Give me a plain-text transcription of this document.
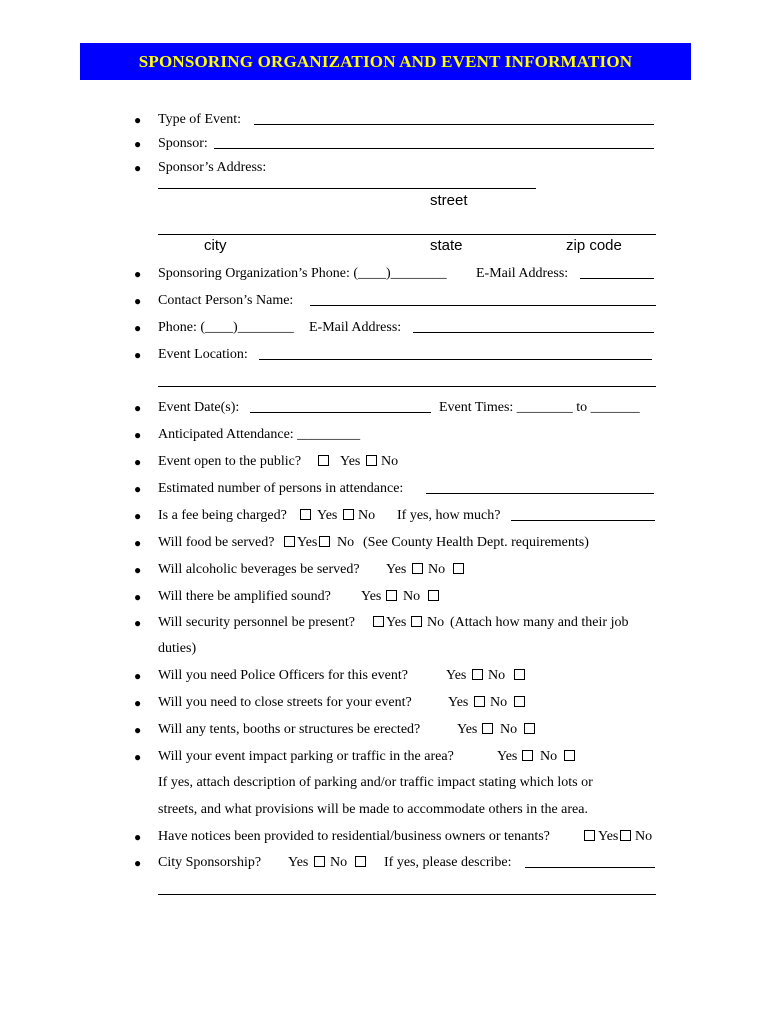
SPONSORING ORGANIZATION AND EVENT INFORMATION
● Type of Event:
● Sponsor:
● Sponsor’s Address:
street
city	state	zip code
● Sponsoring Organization’s Phone: (____)________ E-Mail Address:
● Contact Person’s Name:
● Phone: (____)________ E-Mail Address:
● Event Location:
● Event Date(s):	Event Times: ________ to _______
● Anticipated Attendance: _________
● Event open to the public?	Yes No
● Estimated number of persons in attendance:
● Is a fee being charged? Yes No If yes, how much?
● Will food be served? Yes No (See County Health Dept. requirements)
● Will alcoholic beverages be served? Yes No
● Will there be amplified sound? Yes No
● Will security personnel be present? Yes No (Attach how many and their job
duties)
● Will you need Police Officers for this event?	Yes No
● Will you need to close streets for your event?	Yes No
● Will any tents, booths or structures be erected?	Yes No
● Will your event impact parking or traffic in the area?	Yes No
If yes, attach description of parking and/or traffic impact stating which lots or
streets, and what provisions will be made to accommodate others in the area.
● Have notices been provided to residential/business owners or tenants?	Yes No
● City Sponsorship? Yes No	If yes, please describe:
